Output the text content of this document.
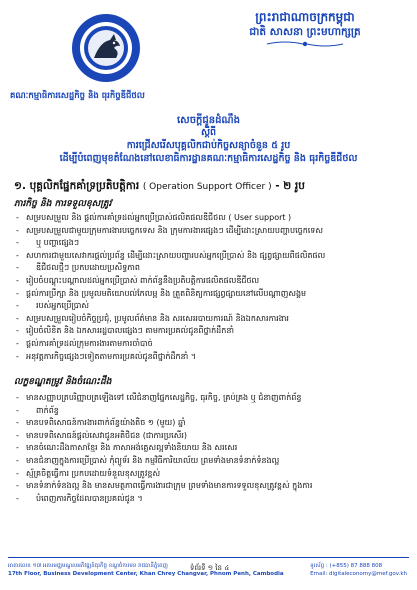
គណៈកម្មាធិការសេដ្ឋកិច្ច និង ធុរកិច្ចឌីជីថល
ព្រះរាជាណាចក្រកម្ពុជា
ជាតិ សាសនា ព្រះមហាក្សត្រ
សេចក្តីជូនដំណឹង
ស្តីពី
ការជ្រើសរើសបុគ្គលិកជាប់កិច្ចសន្យាចំនួន ៥ រូប
ដើម្បីបំពេញមុខតំណែងនៅលេខាធិការដ្ឋានគណៈកម្មាធិការសេដ្ឋកិច្ច និង ធុរកិច្ចឌីជីថល
១. បុគ្គលិកផ្នែកគាំទ្រប្រតិបត្តិការ ( Operation Support Officer ) - ២ រូប
ភារកិច្ច និង ការទទួលខុសត្រូវ
- សម្របសម្រួល និង ផ្តល់ការគាំទ្រដល់អ្នកប្រើប្រាស់ផលិតផលឌីជីថល ( User support )
- សម្របសម្រួលជាមួយក្រុមការងារបច្ចេកទេស និង ក្រុមការងារផ្សេងៗ ដើម្បីដោះស្រាយបញ្ហាបច្ចេកទេស
- ឬ បញ្ហាផ្សេងៗ
- សហការជាមួយសេវាករផ្តល់ប្រព័ន្ធ ដើម្បីដោះស្រាយបញ្ហារបស់អ្នកប្រើប្រាស់ និង ផ្សព្វផ្សាយពីផលិតផល
- ឌីជីថលថ្មីៗ ប្រកបដោយប្រសិទ្ធភាព
- រៀបចំបណ្តុះបណ្តាលដល់អ្នកប្រើប្រាស់ ពាក់ព័ន្ធនឹងប្រតិបត្តិការផលិតផលឌីជីថល
- ផ្តល់ការប្រឹក្សា និង ប្រមូលមតិយោបល់កែលម្អ និង ត្រួតពិនិត្យការផ្សព្វផ្សាយនៅលើបណ្តាញសង្គម
- របស់អ្នកប្រើប្រាស់
- សម្របសម្រួលរៀបចំកិច្ចប្រជុំ, ប្រមូលព័ត៌មាន និង សរសេររបាយការណ៍ និងឯកសារការងារ
- រៀបចំលិខិត និង ឯកសាររដ្ឋបាលផ្សេងៗ តាមការប្រគល់ជូនពីថ្នាក់ដឹកនាំ
- ផ្តល់ការគាំទ្រដល់ក្រុមការងារតាមការចាំបាច់
- អនុវត្តភារកិច្ចផ្សេងៗទៀតតាមការប្រគល់ជូនពីថ្នាក់ដឹកនាំ ។
លក្ខខណ្ឌតម្រូវ និងចំណេះដឹង
- មានសញ្ញាបត្របរិញ្ញាបត្រឡើងទៅ លើជំនាញផ្នែកសេដ្ឋកិច្ច, ធុរកិច្ច, គ្រប់គ្រង ឬ ជំនាញពាក់ព័ន្ធ
- ពាក់ព័ន្ធ
- មានបទពិសោធន៍ការងារពាក់ព័ន្ធយ៉ាងតិច ១ (មួយ) ឆ្នាំ
- មានបទពិសោធន៍ផ្តល់សេវាជូនអតិថិជន (ជាការប្រសើរ)
- មានចំណេះដឹងភាសាខ្មែរ និង ភាសាអង់គ្លេសល្អទាំងនិយាយ និង សរសេរ
- មានជំនាញក្នុងការប្រើប្រាស់ កុំព្យូទ័រ និង កម្មវិធីការិយាល័យ ព្រមទាំងមានទំនាក់ទំនងល្អ
- ស្ម័គ្រចិត្តធ្វើការ ប្រកបដោយទំនួលខុសត្រូវខ្ពស់
- មានទំនាក់ទំនងល្អ និង មានសមត្ថភាពធ្វើការងារជាក្រុម ព្រមទាំងមានការទទួលខុសត្រូវខ្ពស់ ក្នុងការ
- បំពេញភារកិច្ចដែលបានប្រគល់ជូន ។
អាគារលេខ ១៧ អគារមជ្ឈមណ្ឌលអភិវឌ្ឍន៍ធុរកិច្ច ខណ្ឌចំការមន រាជធានីភ្នំពេញ
17th Floor, Business Development Center, Khan Chrey Changvar, Phnom Penh, Cambodia
ទំព័រទី ១ នៃ ៤	ទូរស័ព្ទ : (+855) 87 888 808
Email: digitaleconomy@mef.gov.kh
